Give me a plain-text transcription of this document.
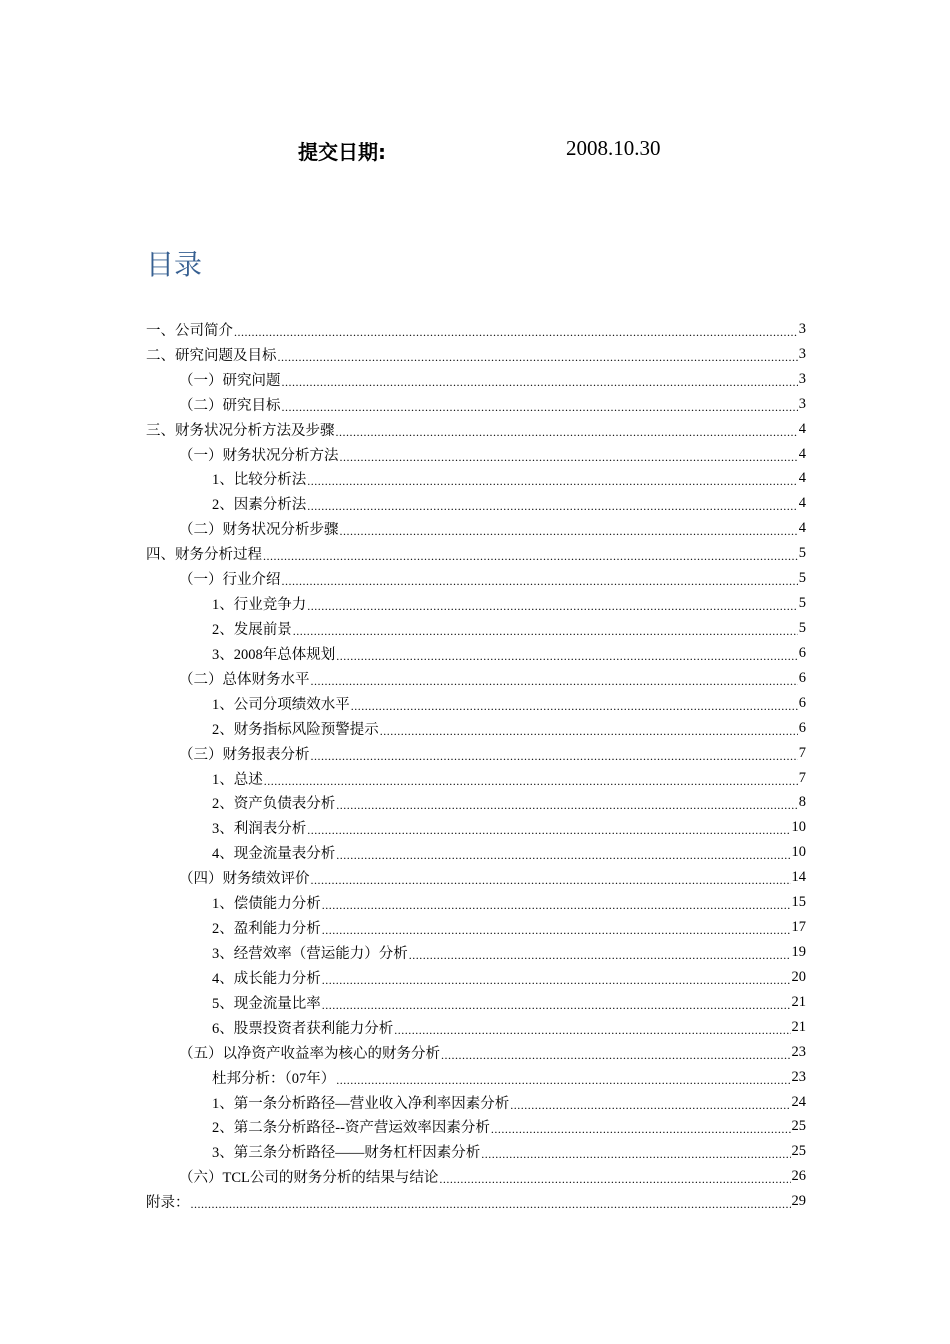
提交日期:	2008.10.30
目录
一、公司简介 .....	3
二、研究问题及目标 .....	3
（一）研究问题 .....	3
（二）研究目标 .....	3
三、财务状况分析方法及步骤 .....	4
（一）财务状况分析方法 .....	4
1、比较分析法 .....	4
2、因素分析法 .....	4
（二）财务状况分析步骤 .....	4
四、财务分析过程 .....	5
（一）行业介绍 .....	5
1、行业竞争力 .....	5
2、发展前景 .....	5
3、2008年总体规划 .....	6
（二）总体财务水平 .....	6
1、公司分项绩效水平 .....	6
2、财务指标风险预警提示 .....	6
（三）财务报表分析 .....	7
1、总述 .....	7
2、资产负债表分析 .....	8
3、利润表分析 .....	10
4、现金流量表分析 .....	10
（四）财务绩效评价 .....	14
1、偿债能力分析 .....	15
2、盈利能力分析 .....	17
3、经营效率（营运能力）分析 .....	19
4、成长能力分析 .....	20
5、现金流量比率 .....	21
6、股票投资者获利能力分析 .....	21
（五）以净资产收益率为核心的财务分析 .....	23
杜邦分析：（07年） .....	23
1、第一条分析路径—营业收入净利率因素分析 .....	24
2、第二条分析路径--资产营运效率因素分析 .....	25
3、第三条分析路径——财务杠杆因素分析 .....	25
（六）TCL公司的财务分析的结果与结论 .....	26
附录： .....	29
